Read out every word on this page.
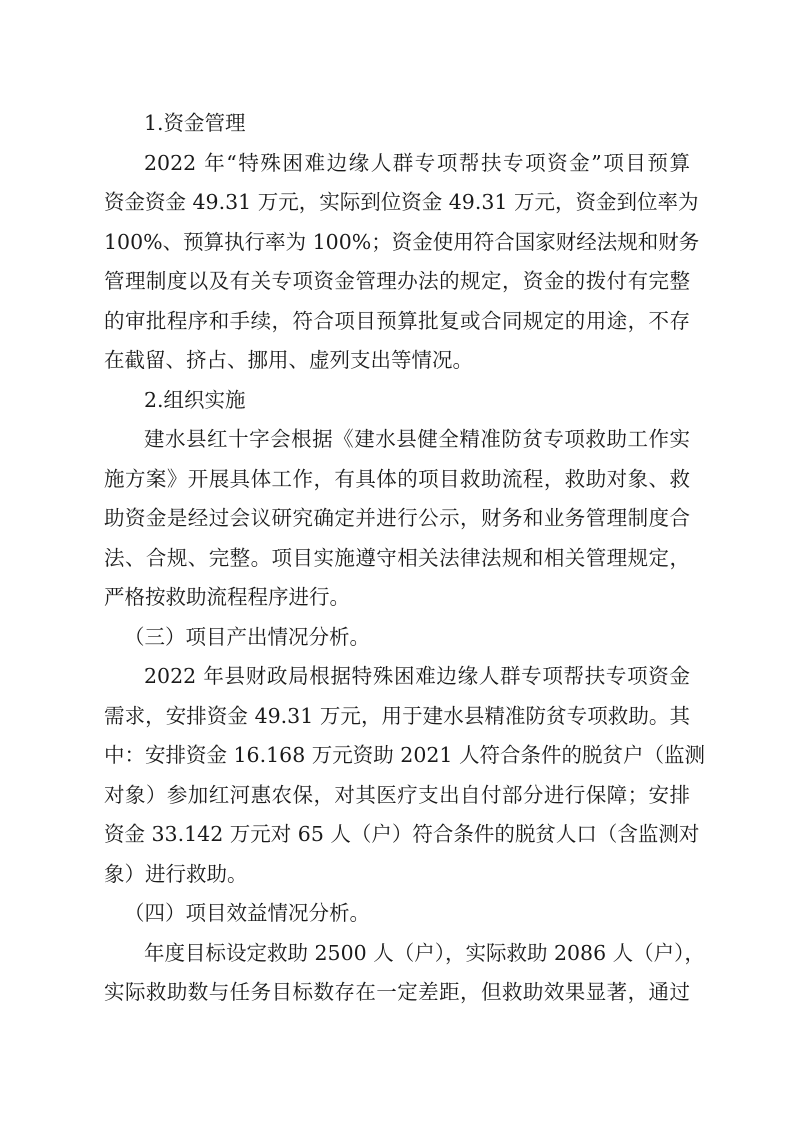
1.资金管理
2022 年“特殊困难边缘人群专项帮扶专项资金”项目预算
资金资金 49.31 万元，实际到位资金 49.31 万元，资金到位率为
100%、预算执行率为 100%；资金使用符合国家财经法规和财务
管理制度以及有关专项资金管理办法的规定，资金的拨付有完整
的审批程序和手续，符合项目预算批复或合同规定的用途，不存
在截留、挤占、挪用、虚列支出等情况。
2.组织实施
建水县红十字会根据《建水县健全精准防贫专项救助工作实
施方案》开展具体工作，有具体的项目救助流程，救助对象、救
助资金是经过会议研究确定并进行公示，财务和业务管理制度合
法、合规、完整。项目实施遵守相关法律法规和相关管理规定，
严格按救助流程程序进行。
（三）项目产出情况分析。
2022 年县财政局根据特殊困难边缘人群专项帮扶专项资金
需求，安排资金 49.31 万元，用于建水县精准防贫专项救助。其
中：安排资金 16.168 万元资助 2021 人符合条件的脱贫户（监测
对象）参加红河惠农保，对其医疗支出自付部分进行保障；安排
资金 33.142 万元对 65 人（户）符合条件的脱贫人口（含监测对
象）进行救助。
（四）项目效益情况分析。
年度目标设定救助 2500 人（户），实际救助 2086 人（户），
实际救助数与任务目标数存在一定差距，但救助效果显著，通过
